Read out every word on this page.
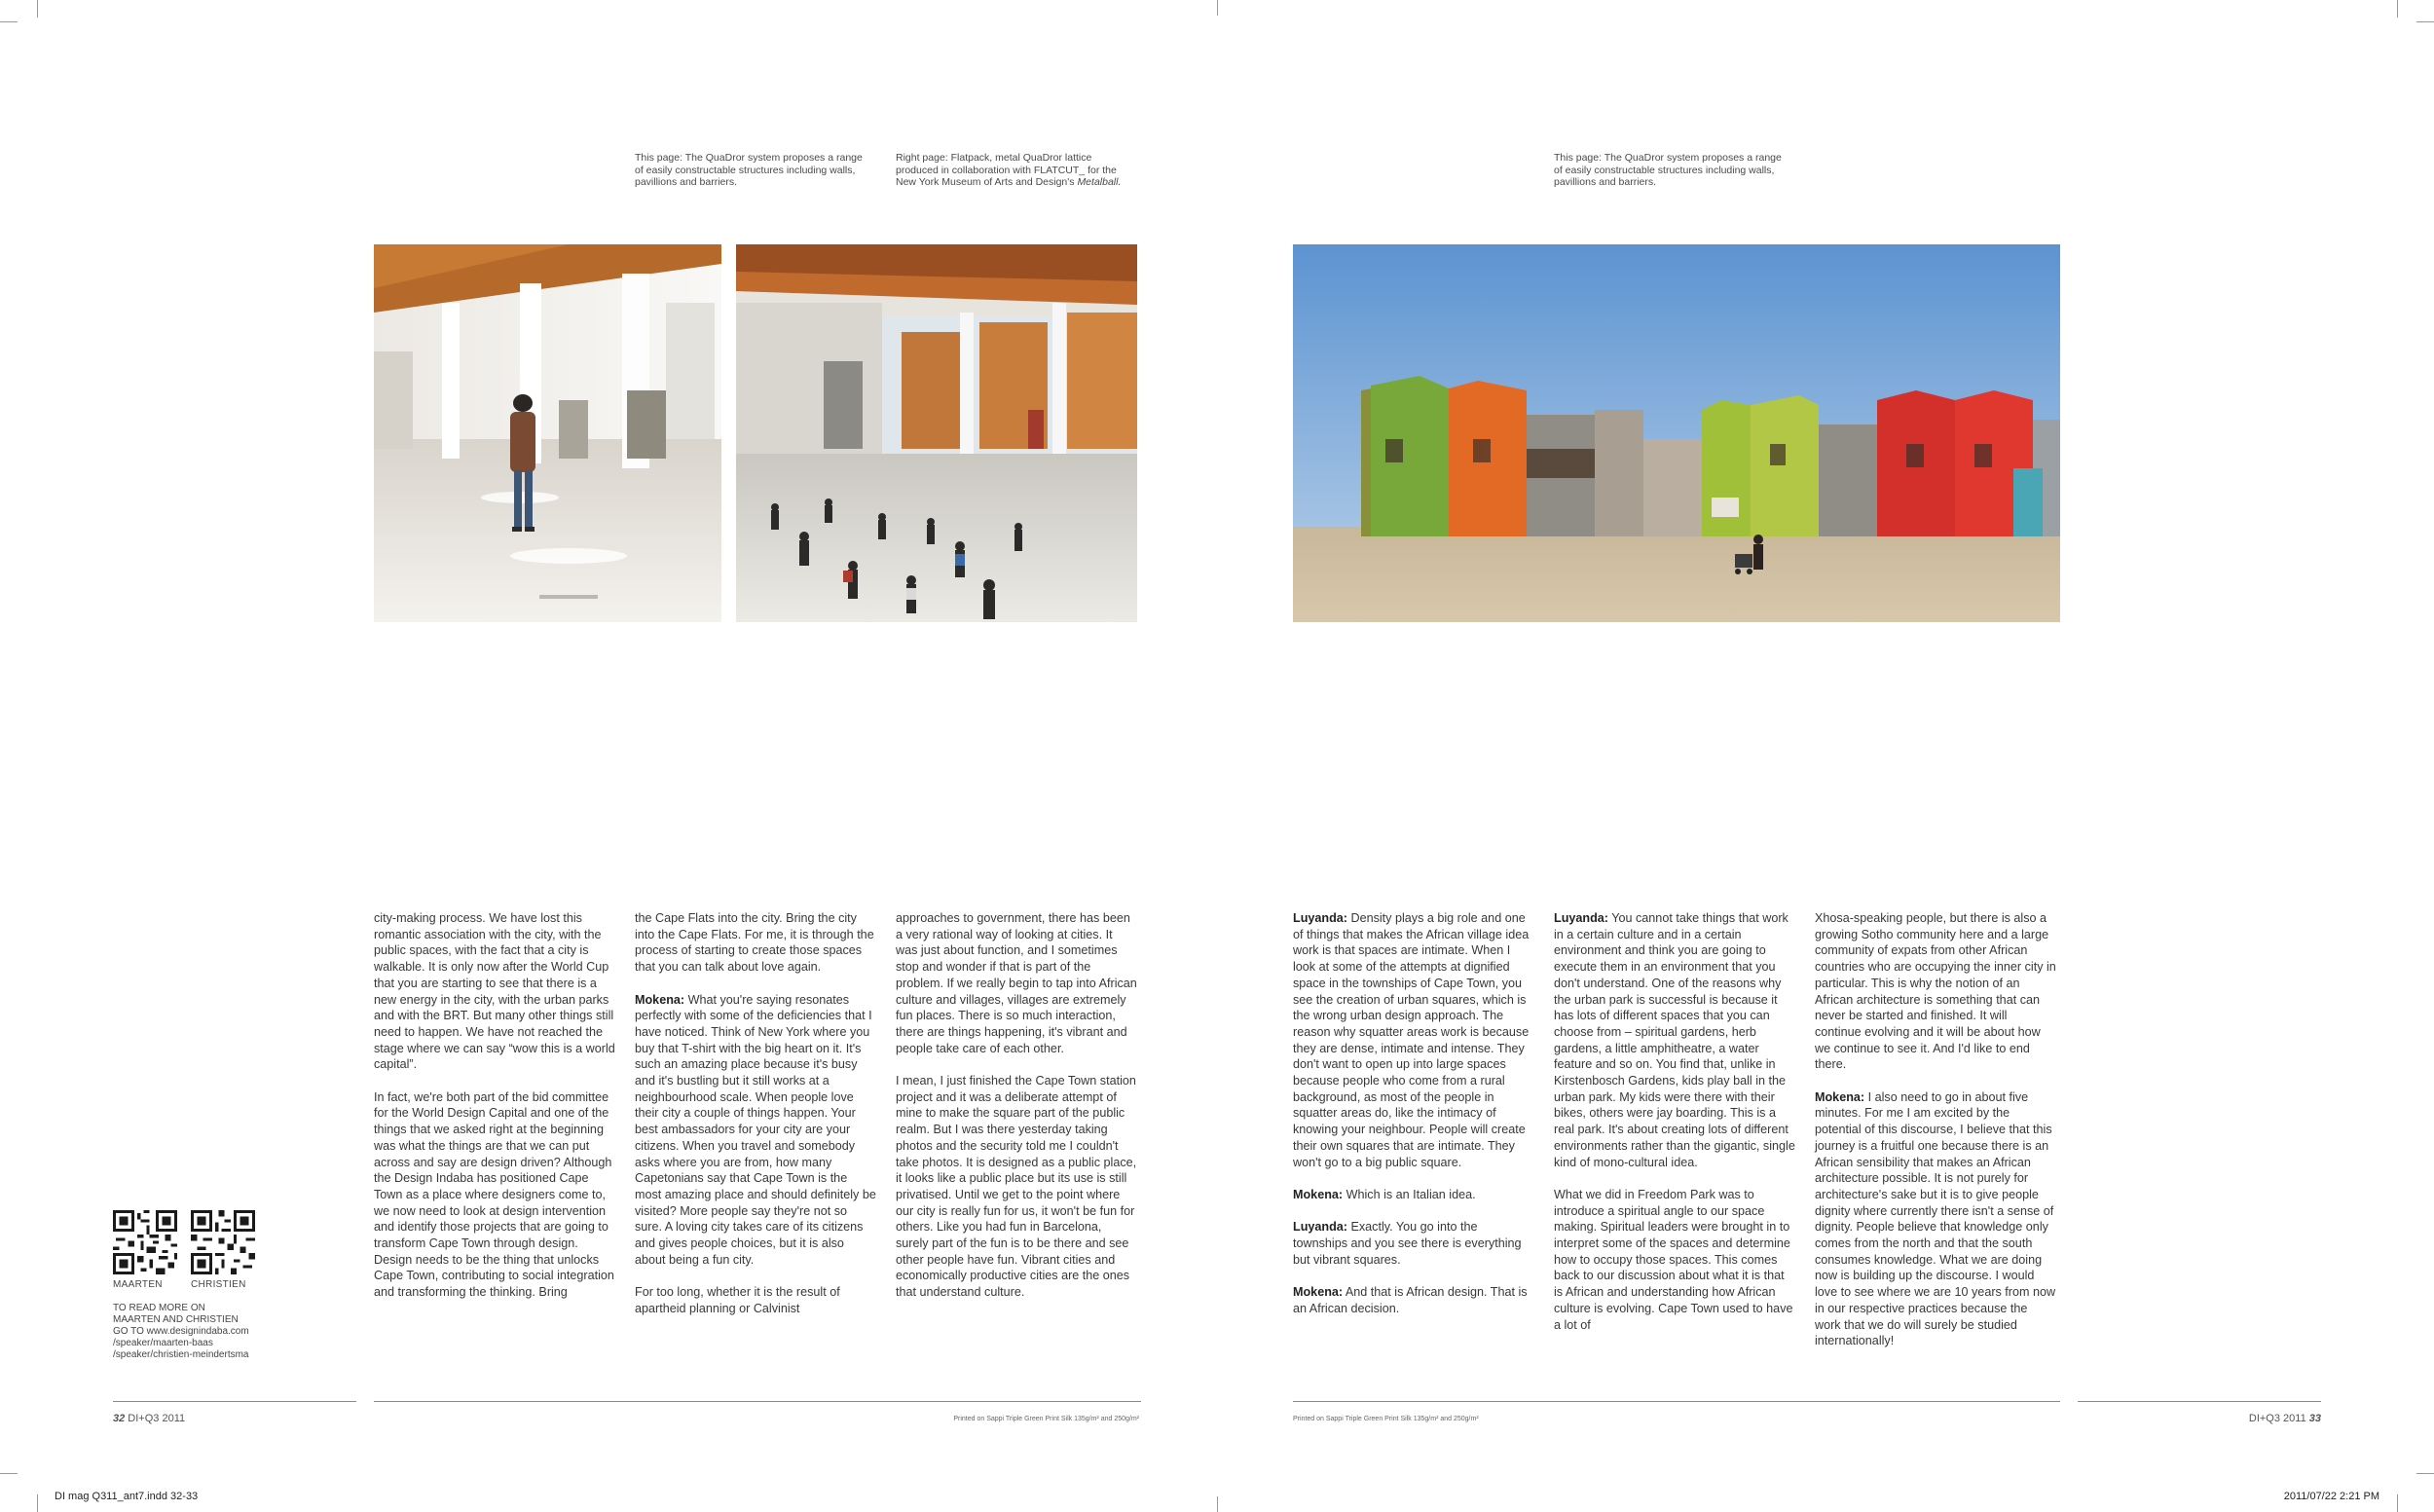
This page: The QuaDror system proposes a range
of easily constructable structures including walls,
pavillions and barriers.
Right page: Flatpack, metal QuaDror lattice
produced in collaboration with FLATCUT_ for the
New York Museum of Arts and Design's Metalball.
This page: The QuaDror system proposes a range
of easily constructable structures including walls,
pavillions and barriers.

city-making process. We have lost this romantic association with the city, with the public spaces, with the fact that a city is walkable. It is only now after the World Cup that you are starting to see that there is a new energy in the city, with the urban parks and with the BRT. But many other things still need to happen. We have not reached the stage where we can say “wow this is a world capital”.

In fact, we're both part of the bid committee for the World Design Capital and one of the things that we asked right at the beginning was what the things are that we can put across and say are design driven? Although the Design Indaba has positioned Cape Town as a place where designers come to, we now need to look at design intervention and identify those projects that are going to transform Cape Town through design. Design needs to be the thing that unlocks Cape Town, contributing to social integration and transforming the thinking. Bring

the Cape Flats into the city. Bring the city into the Cape Flats. For me, it is through the process of starting to create those spaces that you can talk about love again.

Mokena: What you're saying resonates perfectly with some of the deficiencies that I have noticed. Think of New York where you buy that T-shirt with the big heart on it. It's such an amazing place because it's busy and it's bustling but it still works at a neighbourhood scale. When people love their city a couple of things happen. Your best ambassadors for your city are your citizens. When you travel and somebody asks where you are from, how many Capetonians say that Cape Town is the most amazing place and should definitely be visited? More people say they're not so sure. A loving city takes care of its citizens and gives people choices, but it is also about being a fun city.

For too long, whether it is the result of apartheid planning or Calvinist

approaches to government, there has been a very rational way of looking at cities. It was just about function, and I sometimes stop and wonder if that is part of the problem. If we really begin to tap into African culture and villages, villages are extremely fun places. There is so much interaction, there are things happening, it's vibrant and people take care of each other.

I mean, I just finished the Cape Town station project and it was a deliberate attempt of mine to make the square part of the public realm. But I was there yesterday taking photos and the security told me I couldn't take photos. It is designed as a public place, it looks like a public place but its use is still privatised. Until we get to the point where our city is really fun for us, it won't be fun for others. Like you had fun in Barcelona, surely part of the fun is to be there and see other people have fun. Vibrant cities and economically productive cities are the ones that understand culture.

Luyanda: Density plays a big role and one of things that makes the African village idea work is that spaces are intimate. When I look at some of the attempts at dignified space in the townships of Cape Town, you see the creation of urban squares, which is the wrong urban design approach. The reason why squatter areas work is because they are dense, intimate and intense. They don't want to open up into large spaces because people who come from a rural background, as most of the people in squatter areas do, like the intimacy of knowing your neighbour. People will create their own squares that are intimate. They won't go to a big public square.

Mokena: Which is an Italian idea.

Luyanda: Exactly. You go into the townships and you see there is everything but vibrant squares.

Mokena: And that is African design. That is an African decision.

Luyanda: You cannot take things that work in a certain culture and in a certain environment and think you are going to execute them in an environment that you don't understand. One of the reasons why the urban park is successful is because it has lots of different spaces that you can choose from – spiritual gardens, herb gardens, a little amphitheatre, a water feature and so on. You find that, unlike in Kirstenbosch Gardens, kids play ball in the urban park. My kids were there with their bikes, others were jay boarding. This is a real park. It's about creating lots of different environments rather than the gigantic, single kind of mono-cultural idea.

What we did in Freedom Park was to introduce a spiritual angle to our space making. Spiritual leaders were brought in to interpret some of the spaces and determine how to occupy those spaces. This comes back to our discussion about what it is that is African and understanding how African culture is evolving. Cape Town used to have a lot of

Xhosa-speaking people, but there is also a growing Sotho community here and a large community of expats from other African countries who are occupying the inner city in particular. This is why the notion of an African architecture is something that can never be started and finished. It will continue evolving and it will be about how we continue to see it. And I'd like to end there.

Mokena: I also need to go in about five minutes. For me I am excited by the potential of this discourse, I believe that this journey is a fruitful one because there is an African sensibility that makes an African architecture possible. It is not purely for architecture's sake but it is to give people dignity where currently there isn't a sense of dignity. People believe that knowledge only comes from the north and that the south consumes knowledge. What we are doing now is building up the discourse. I would love to see where we are 10 years from now in our respective practices because the work that we do will surely be studied internationally!

MAARTEN	CHRISTIEN
TO READ MORE ON
MAARTEN AND CHRISTIEN
GO TO www.designindaba.com
/speaker/maarten-baas
/speaker/christien-meindertsma
32 DI+Q3 2011	DI+Q3 2011 33
Printed on Sappi Triple Green Print Silk 135g/m² and 250g/m²	Printed on Sappi Triple Green Print Silk 135g/m² and 250g/m²
DI mag Q311_ant7.indd 32-33	2011/07/22 2:21 PM
